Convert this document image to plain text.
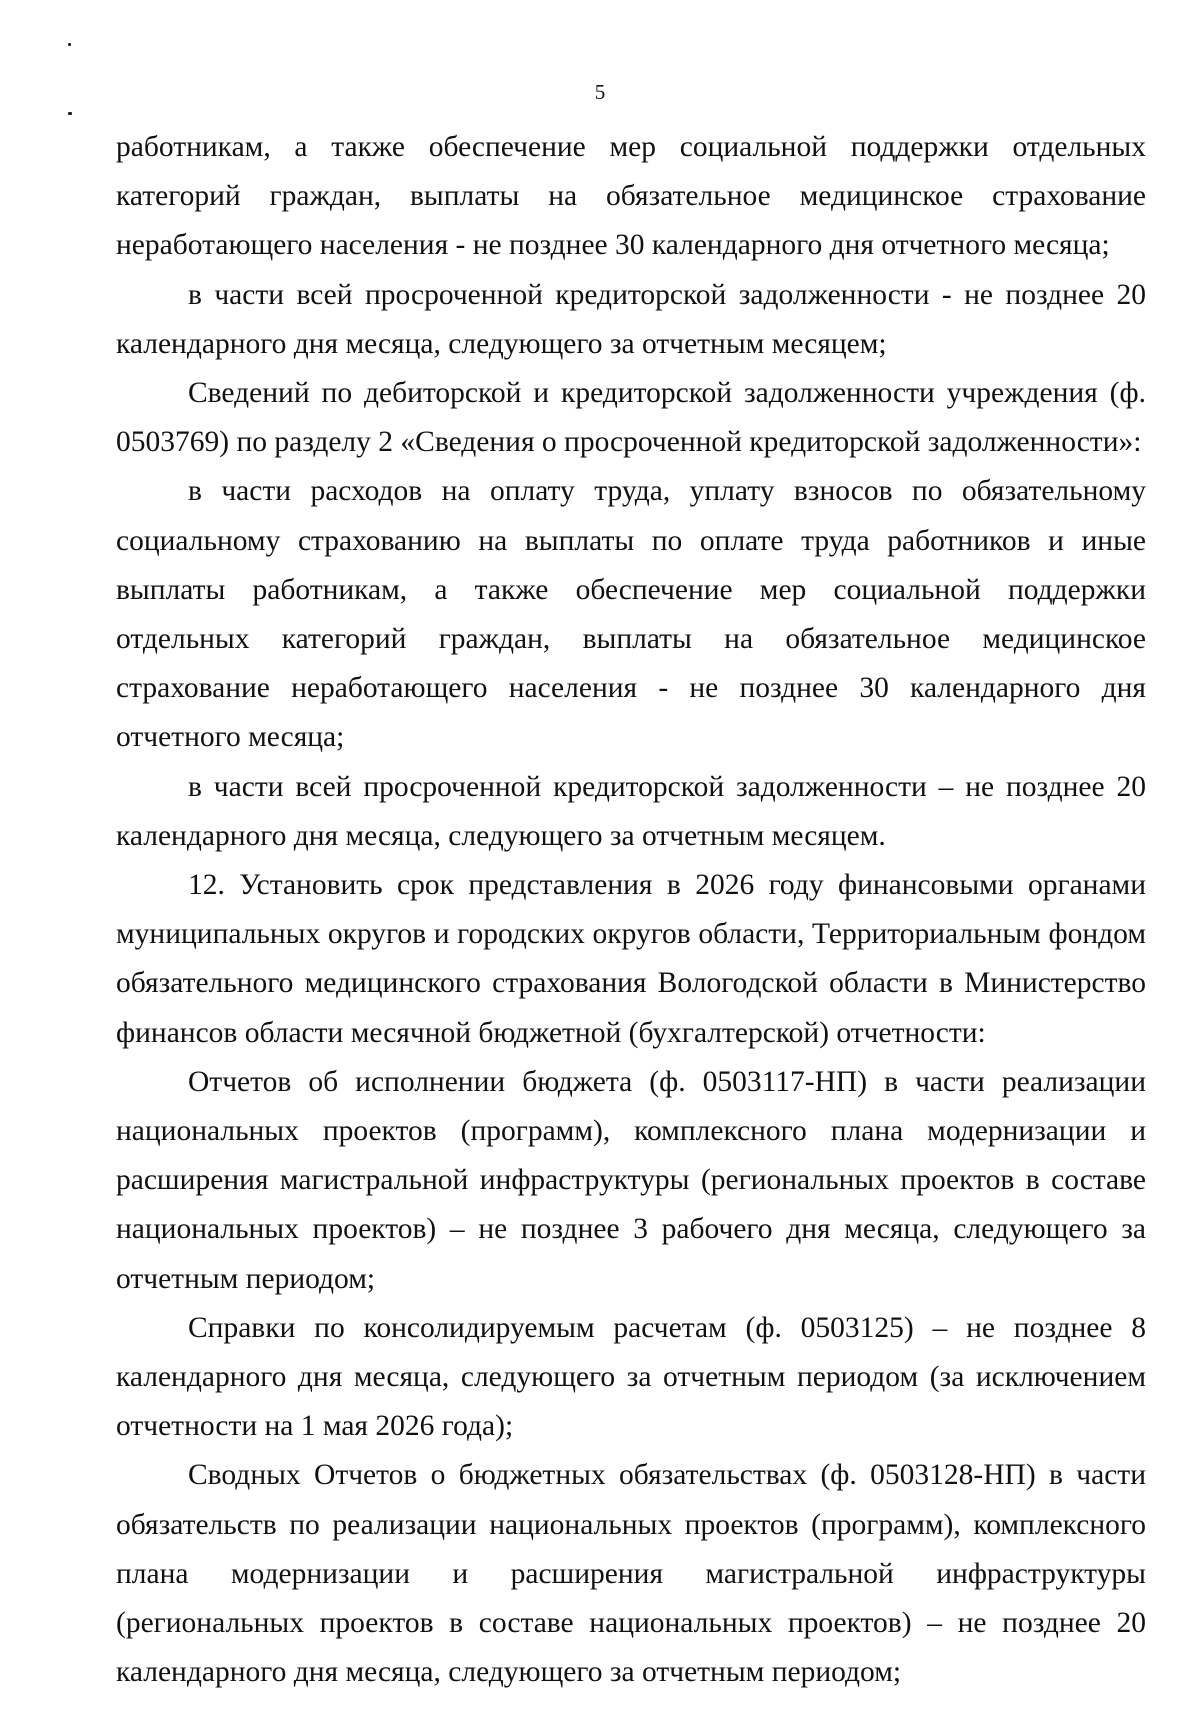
5

работникам, а также обеспечение мер социальной поддержки отдельных категорий граждан, выплаты на обязательное медицинское страхование неработающего населения - не позднее 30 календарного дня отчетного месяца;

в части всей просроченной кредиторской задолженности - не позднее 20 календарного дня месяца, следующего за отчетным месяцем;

Сведений по дебиторской и кредиторской задолженности учреждения (ф. 0503769) по разделу 2 «Сведения о просроченной кредиторской задолженности»:

в части расходов на оплату труда, уплату взносов по обязательному социальному страхованию на выплаты по оплате труда работников и иные выплаты работникам, а также обеспечение мер социальной поддержки отдельных категорий граждан, выплаты на обязательное медицинское страхование неработающего населения - не позднее 30 календарного дня отчетного месяца;

в части всей просроченной кредиторской задолженности – не позднее 20 календарного дня месяца, следующего за отчетным месяцем.

12. Установить срок представления в 2026 году финансовыми органами муниципальных округов и городских округов области, Территориальным фондом обязательного медицинского страхования Вологодской области в Министерство финансов области месячной бюджетной (бухгалтерской) отчетности:

Отчетов об исполнении бюджета (ф. 0503117-НП) в части реализации национальных проектов (программ), комплексного плана модернизации и расширения магистральной инфраструктуры (региональных проектов в составе национальных проектов) – не позднее 3 рабочего дня месяца, следующего за отчетным периодом;

Справки по консолидируемым расчетам (ф. 0503125) – не позднее 8 календарного дня месяца, следующего за отчетным периодом (за исключением отчетности на 1 мая 2026 года);

Сводных Отчетов о бюджетных обязательствах (ф. 0503128-НП) в части обязательств по реализации национальных проектов (программ), комплексного плана модернизации и расширения магистральной инфраструктуры (региональных проектов в составе национальных проектов) – не позднее 20 календарного дня месяца, следующего за отчетным периодом;
